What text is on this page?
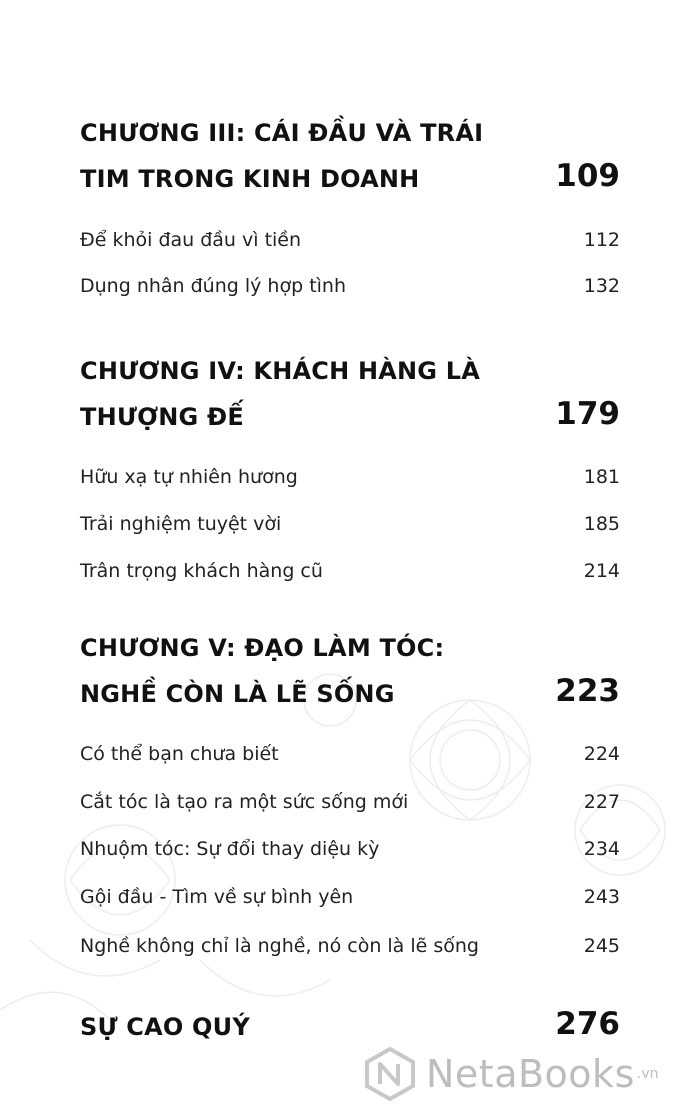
CHƯƠNG III: CÁI ĐẦU VÀ TRÁI
TIM TRONG KINH DOANH	109
Để khỏi đau đầu vì tiền	112
Dụng nhân đúng lý hợp tình	132
CHƯƠNG IV: KHÁCH HÀNG LÀ
THƯỢNG ĐẾ	179
Hữu xạ tự nhiên hương	181
Trải nghiệm tuyệt vời	185
Trân trọng khách hàng cũ	214
CHƯƠNG V: ĐẠO LÀM TÓC:
NGHỀ CÒN LÀ LẼ SỐNG	223
Có thể bạn chưa biết	224
Cắt tóc là tạo ra một sức sống mới	227
Nhuộm tóc: Sự đổi thay diệu kỳ	234
Gội đầu - Tìm về sự bình yên	243
Nghề không chỉ là nghề, nó còn là lẽ sống	245
SỰ CAO QUÝ	276
NetaBooks .vn
